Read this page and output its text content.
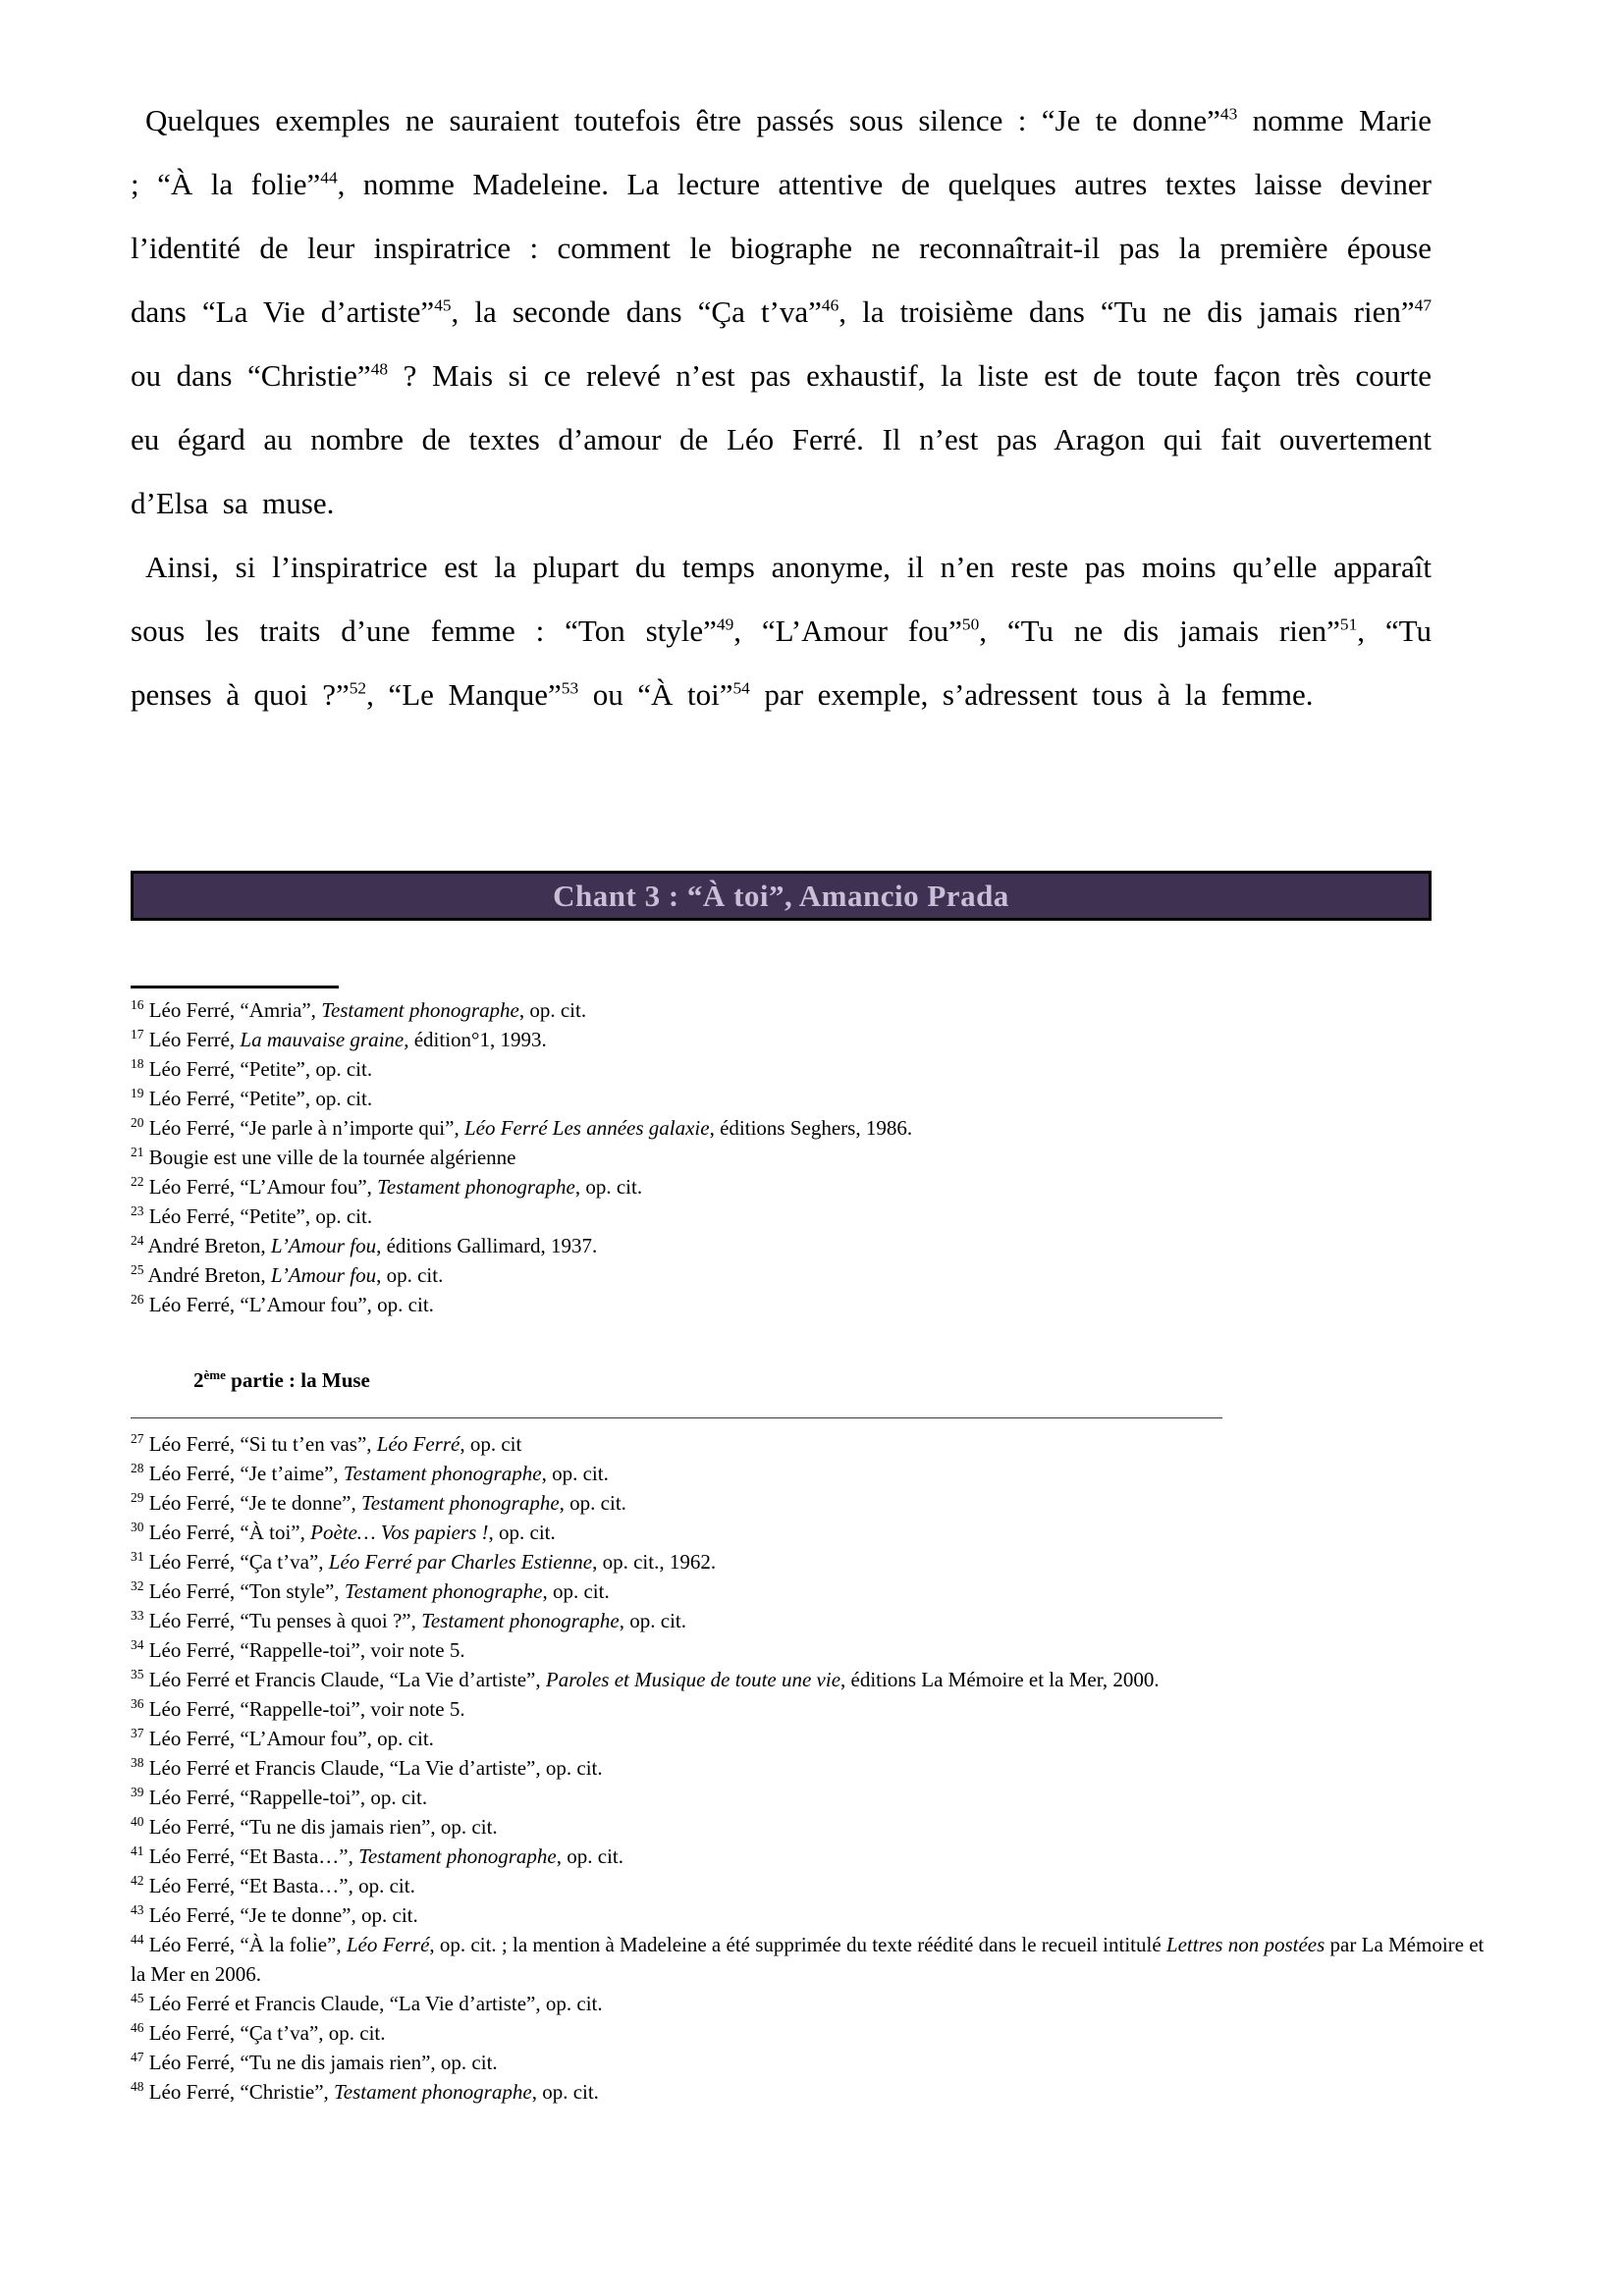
Quelques exemples ne sauraient toutefois être passés sous silence : “Je te donne”$^{43}$ nomme Marie ; “À la folie”$^{44}$, nomme Madeleine. La lecture attentive de quelques autres textes laisse deviner l’identité de leur inspiratrice : comment le biographe ne reconnaîtrait-il pas la première épouse dans “La Vie d’artiste”$^{45}$, la seconde dans “Ça t’va”$^{46}$, la troisième dans “Tu ne dis jamais rien”$^{47}$ ou dans “Christie”$^{48}$ ? Mais si ce relevé n’est pas exhaustif, la liste est de toute façon très courte eu égard au nombre de textes d’amour de Léo Ferré. Il n’est pas Aragon qui fait ouvertement d’Elsa sa muse.

Ainsi, si l’inspiratrice est la plupart du temps anonyme, il n’en reste pas moins qu’elle apparaît sous les traits d’une femme : “Ton style”$^{49}$, “L’Amour fou”$^{50}$, “Tu ne dis jamais rien”$^{51}$, “Tu penses à quoi ?”$^{52}$, “Le Manque”$^{53}$ ou “À toi”$^{54}$ par exemple, s’adressent tous à la femme.

Chant 3 : “À toi”, Amancio Prada
$^{16}$ Léo Ferré, “Amria”, Testament phonographe, op. cit.
$^{17}$ Léo Ferré, La mauvaise graine, édition°1, 1993.
$^{18}$ Léo Ferré, “Petite”, op. cit.
$^{19}$ Léo Ferré, “Petite”, op. cit.
$^{20}$ Léo Ferré, “Je parle à n’importe qui”, Léo Ferré Les années galaxie, éditions Seghers, 1986.
$^{21}$ Bougie est une ville de la tournée algérienne
$^{22}$ Léo Ferré, “L’Amour fou”, Testament phonographe, op. cit.
$^{23}$ Léo Ferré, “Petite”, op. cit.
$^{24}$ André Breton, L’Amour fou, éditions Gallimard, 1937.
$^{25}$ André Breton, L’Amour fou, op. cit.
$^{26}$ Léo Ferré, “L’Amour fou”, op. cit.
2ème partie : la Muse
$^{27}$ Léo Ferré, “Si tu t’en vas”, Léo Ferré, op. cit
$^{28}$ Léo Ferré, “Je t’aime”, Testament phonographe, op. cit.
$^{29}$ Léo Ferré, “Je te donne”, Testament phonographe, op. cit.
$^{30}$ Léo Ferré, “À toi”, Poète… Vos papiers !, op. cit.
$^{31}$ Léo Ferré, “Ça t’va”, Léo Ferré par Charles Estienne, op. cit., 1962.
$^{32}$ Léo Ferré, “Ton style”, Testament phonographe, op. cit.
$^{33}$ Léo Ferré, “Tu penses à quoi ?”, Testament phonographe, op. cit.
$^{34}$ Léo Ferré, “Rappelle-toi”, voir note 5.
$^{35}$ Léo Ferré et Francis Claude, “La Vie d’artiste”, Paroles et Musique de toute une vie, éditions La Mémoire et la Mer, 2000.
$^{36}$ Léo Ferré, “Rappelle-toi”, voir note 5.
$^{37}$ Léo Ferré, “L’Amour fou”, op. cit.
$^{38}$ Léo Ferré et Francis Claude, “La Vie d’artiste”, op. cit.
$^{39}$ Léo Ferré, “Rappelle-toi”, op. cit.
$^{40}$ Léo Ferré, “Tu ne dis jamais rien”, op. cit.
$^{41}$ Léo Ferré, “Et Basta…”, Testament phonographe, op. cit.
$^{42}$ Léo Ferré, “Et Basta…”, op. cit.
$^{43}$ Léo Ferré, “Je te donne”, op. cit.
$^{44}$ Léo Ferré, “À la folie”, Léo Ferré, op. cit. ; la mention à Madeleine a été supprimée du texte réédité dans le recueil intitulé Lettres non postées par La Mémoire et la Mer en 2006.
$^{45}$ Léo Ferré et Francis Claude, “La Vie d’artiste”, op. cit.
$^{46}$ Léo Ferré, “Ça t’va”, op. cit.
$^{47}$ Léo Ferré, “Tu ne dis jamais rien”, op. cit.
$^{48}$ Léo Ferré, “Christie”, Testament phonographe, op. cit.
